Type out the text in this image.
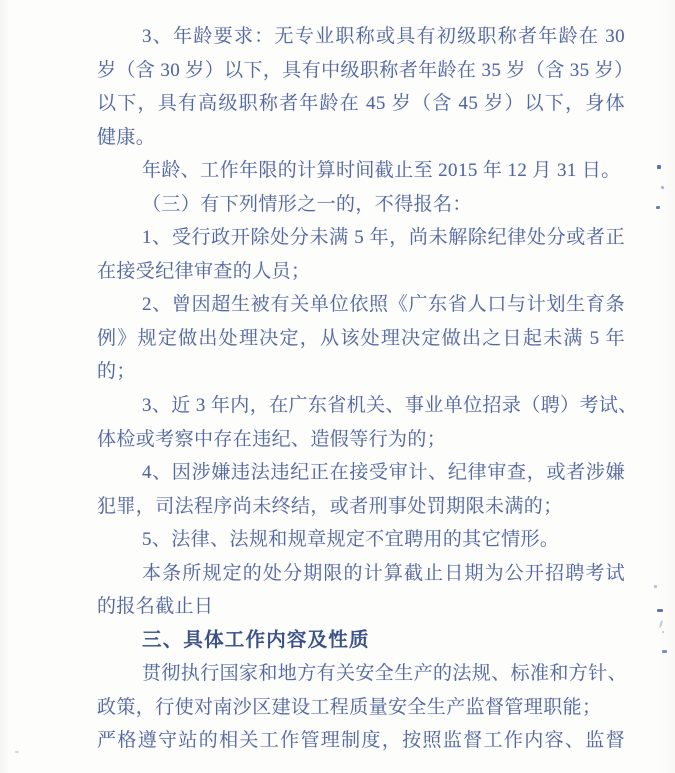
3、年龄要求：无专业职称或具有初级职称者年龄在 30
岁（含 30 岁）以下，具有中级职称者年龄在 35 岁（含 35 岁）
以下，具有高级职称者年龄在 45 岁（含 45 岁）以下，身体
健康。
年龄、工作年限的计算时间截止至 2015 年 12 月 31 日。
（三）有下列情形之一的，不得报名：
1、受行政开除处分未满 5 年，尚未解除纪律处分或者正
在接受纪律审查的人员；
2、曾因超生被有关单位依照《广东省人口与计划生育条
例》规定做出处理决定，从该处理决定做出之日起未满 5 年
的；
3、近 3 年内，在广东省机关、事业单位招录（聘）考试、
体检或考察中存在违纪、造假等行为的；
4、因涉嫌违法违纪正在接受审计、纪律审查，或者涉嫌
犯罪，司法程序尚未终结，或者刑事处罚期限未满的；
5、法律、法规和规章规定不宜聘用的其它情形。
本条所规定的处分期限的计算截止日期为公开招聘考试
的报名截止日
三、具体工作内容及性质
贯彻执行国家和地方有关安全生产的法规、标准和方针、
政策，行使对南沙区建设工程质量安全生产监督管理职能；
严格遵守站的相关工作管理制度，按照监督工作内容、监督
